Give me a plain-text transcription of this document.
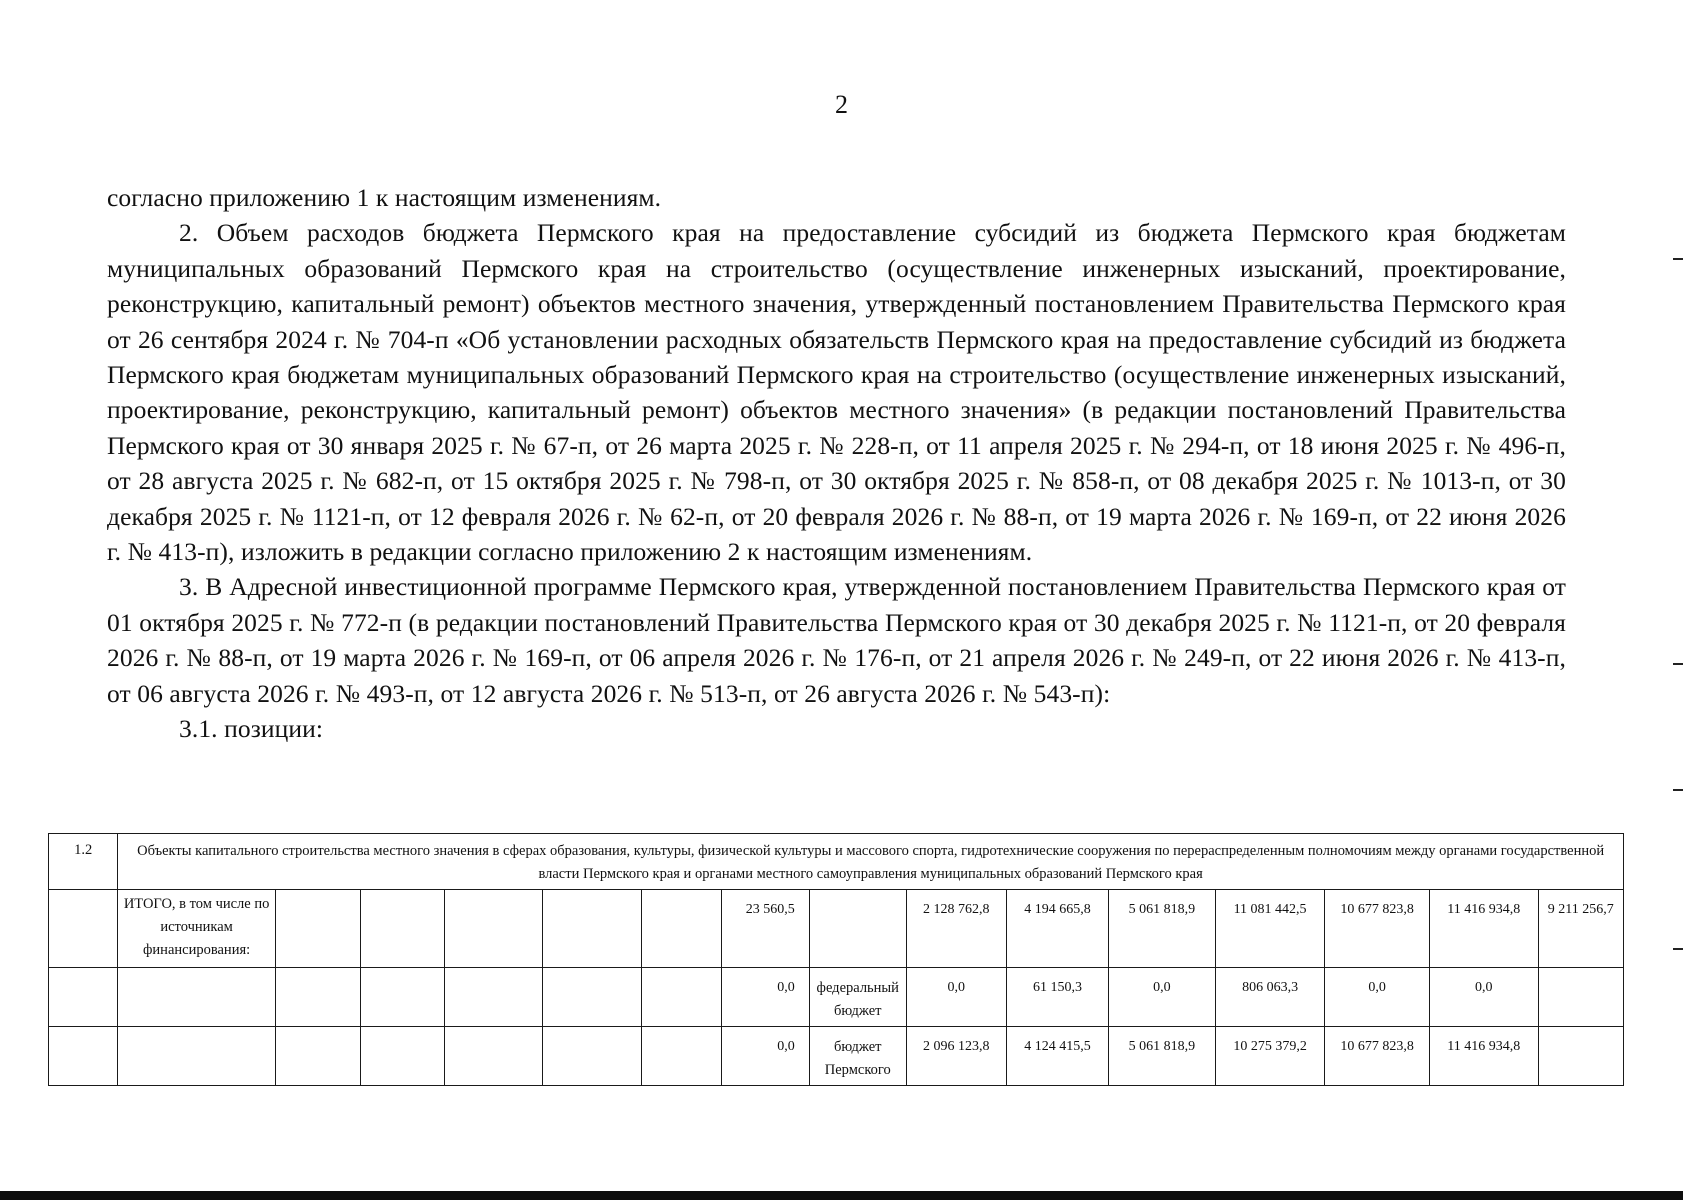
2

согласно приложению 1 к настоящим изменениям.

2. Объем расходов бюджета Пермского края на предоставление субсидий из бюджета Пермского края бюджетам муниципальных образований Пермского края на строительство (осуществление инженерных изысканий, проектирование, реконструкцию, капитальный ремонт) объектов местного значения, утвержденный постановлением Правительства Пермского края от 26 сентября 2024 г. № 704-п «Об установлении расходных обязательств Пермского края на предоставление субсидий из бюджета Пермского края бюджетам муниципальных образований Пермского края на строительство (осуществление инженерных изысканий, проектирование, реконструкцию, капитальный ремонт) объектов местного значения» (в редакции постановлений Правительства Пермского края от 30 января 2025 г. № 67-п, от 26 марта 2025 г. № 228-п, от 11 апреля 2025 г. № 294-п, от 18 июня 2025 г. № 496-п, от 28 августа 2025 г. № 682-п, от 15 октября 2025 г. № 798-п, от 30 октября 2025 г. № 858-п, от 08 декабря 2025 г. № 1013-п, от 30 декабря 2025 г. № 1121-п, от 12 февраля 2026 г. № 62-п, от 20 февраля 2026 г. № 88-п, от 19 марта 2026 г. № 169-п, от 22 июня 2026 г. № 413-п), изложить в редакции согласно приложению 2 к настоящим изменениям.

3. В Адресной инвестиционной программе Пермского края, утвержденной постановлением Правительства Пермского края от 01 октября 2025 г. № 772-п (в редакции постановлений Правительства Пермского края от 30 декабря 2025 г. № 1121-п, от 20 февраля 2026 г. № 88-п, от 19 марта 2026 г. № 169-п, от 06 апреля 2026 г. № 176-п, от 21 апреля 2026 г. № 249-п, от 22 июня 2026 г. № 413-п, от 06 августа 2026 г. № 493-п, от 12 августа 2026 г. № 513-п, от 26 августа 2026 г. № 543-п):

3.1. позиции:

1.2	Объекты капитального строительства местного значения в сферах образования, культуры, физической культуры и массового спорта, гидротехнические сооружения по перераспределенным полномочиям между органами государственной власти Пермского края и органами местного самоуправления муниципальных образований Пермского края														
	ИТОГО, в том числе по источникам финансирования:						23 560,5		2 128 762,8	4 194 665,8	5 061 818,9	11 081 442,5	10 677 823,8	11 416 934,8	9 211 256,7
							0,0	федеральный бюджет	0,0	61 150,3	0,0	806 063,3	0,0	0,0	
							0,0	бюджет Пермского	2 096 123,8	4 124 415,5	5 061 818,9	10 275 379,2	10 677 823,8	11 416 934,8	
